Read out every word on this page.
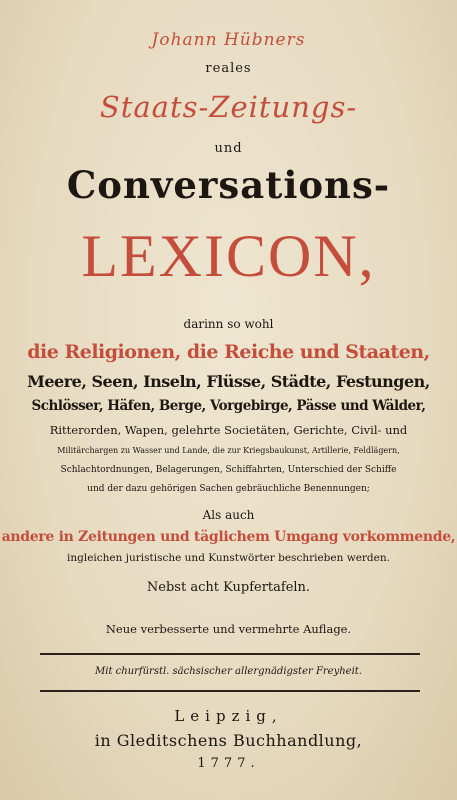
Johann Hübners
reales
Staats-Zeitungs-
und
Conversations-
LEXICON,
darinn so wohl
die Religionen, die Reiche und Staaten,
Meere, Seen, Inseln, Flüsse, Städte, Festungen,
Schlösser, Häfen, Berge, Vorgebirge, Pässe und Wälder,
Ritterorden, Wapen, gelehrte Societäten, Gerichte, Civil- und
Militärchargen zu Wasser und Lande, die zur Kriegsbaukunst, Artillerie, Feldlägern,
Schlachtordnungen, Belagerungen, Schiffahrten, Unterschied der Schiffe
und der dazu gehörigen Sachen gebräuchliche Benennungen;
Als auch
andere in Zeitungen und täglichem Umgang vorkommende,
ingleichen juristische und Kunstwörter beschrieben werden.
Nebst acht Kupfertafeln.
Neue verbesserte und vermehrte Auflage.
Mit churfürstl. sächsischer allergnädigster Freyheit.
Leipzig,
in Gleditschens Buchhandlung,
1777.
